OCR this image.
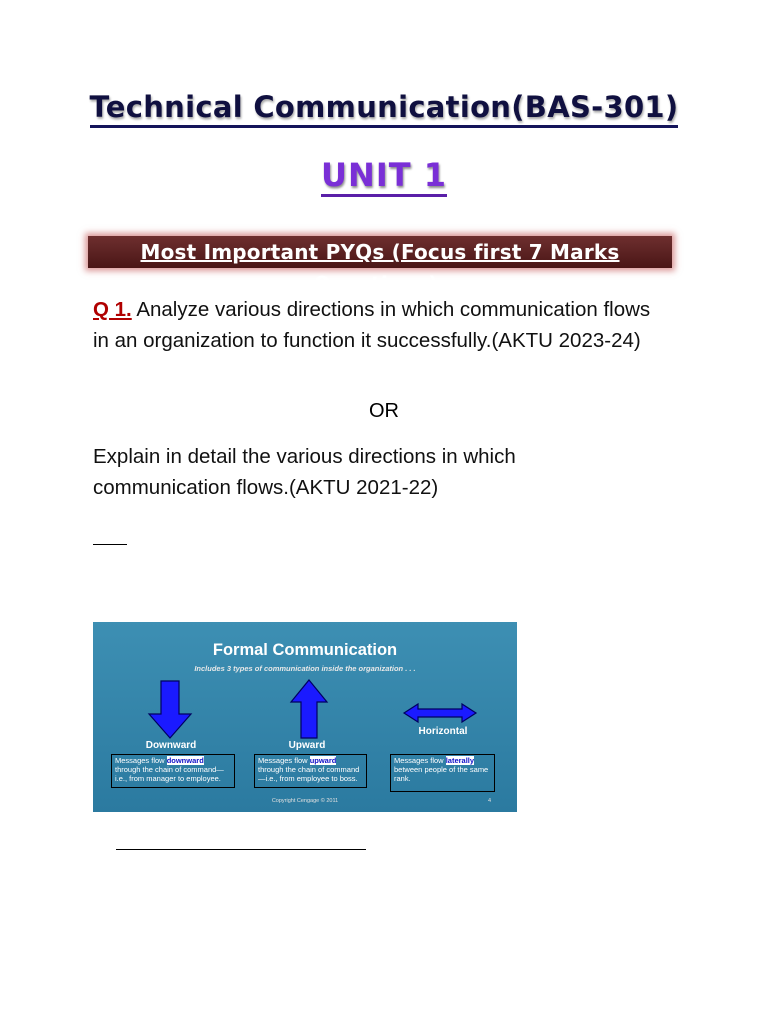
Technical Communication(BAS-301)
UNIT 1
Most Important PYQs (Focus first 7 Marks Questions)-
Q 1. Analyze various directions in which communication flows in an organization to function it successfully.(AKTU 2023-24)
OR
Explain in detail the various directions in which communication flows.(AKTU 2021-22)
Formal Communication
Includes 3 types of communication inside the organization . . .
Downward	Upward
Horizontal
Messages flow downward through the chain of command—i.e., from manager to employee.
Messages flow upward through the chain of command—i.e., from employee to boss.
Messages flow laterally between people of the same rank.
Copyright Cengage © 2011	4
